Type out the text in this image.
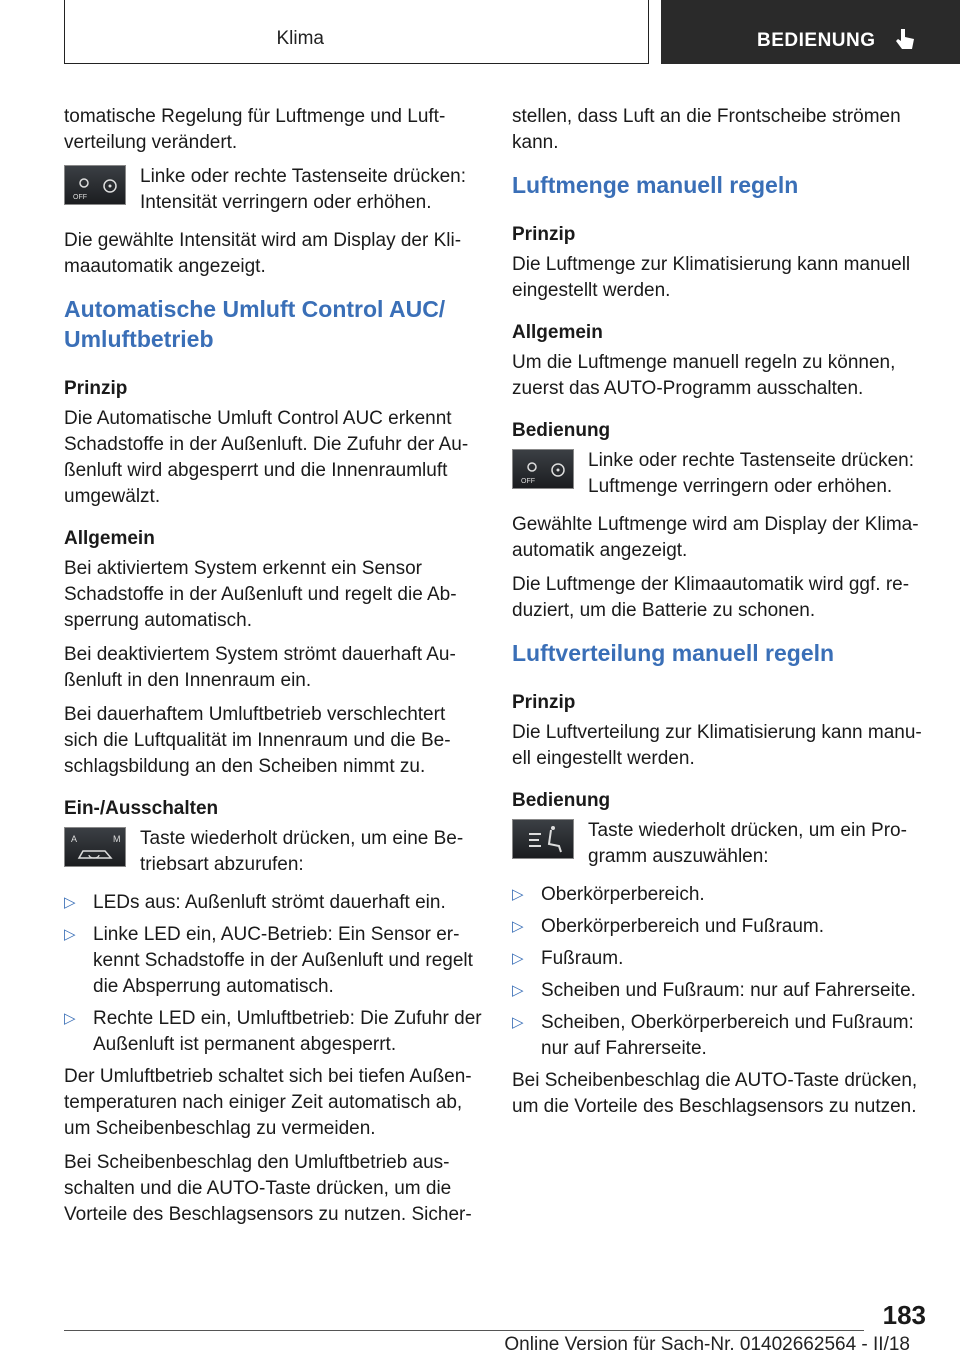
Klima	BEDIENUNG

tomatische Regelung für Luftmenge und Luft-verteilung verändert.

OFF
Linke oder rechte Tastenseite drücken: Intensität verringern oder erhöhen.

Die gewählte Intensität wird am Display der Kli-maautomatik angezeigt.

Automatische Umluft Control AUC/ Umluftbetrieb
Prinzip

Die Automatische Umluft Control AUC erkennt Schadstoffe in der Außenluft. Die Zufuhr der Au-ßenluft wird abgesperrt und die Innenraumluft umgewälzt.

Allgemein

Bei aktiviertem System erkennt ein Sensor Schadstoffe in der Außenluft und regelt die Ab-sperrung automatisch.

Bei deaktiviertem System strömt dauerhaft Au-ßenluft in den Innenraum ein.

Bei dauerhaftem Umluftbetrieb verschlechtert sich die Luftqualität im Innenraum und die Be-schlagsbildung an den Scheiben nimmt zu.

Ein-/Ausschalten
A	M Taste wiederholt drücken, um eine Be-triebsart abzurufen:
▷ LEDs aus: Außenluft strömt dauerhaft ein.
▷ Linke LED ein, AUC-Betrieb: Ein Sensor er-kennt Schadstoffe in der Außenluft und regelt die Absperrung automatisch.
▷ Rechte LED ein, Umluftbetrieb: Die Zufuhr der Außenluft ist permanent abgesperrt.

Der Umluftbetrieb schaltet sich bei tiefen Außen-temperaturen nach einiger Zeit automatisch ab, um Scheibenbeschlag zu vermeiden.

Bei Scheibenbeschlag den Umluftbetrieb aus-schalten und die AUTO-Taste drücken, um die Vorteile des Beschlagsensors zu nutzen. Sicher-

stellen, dass Luft an die Frontscheibe strömen kann.

Luftmenge manuell regeln
Prinzip

Die Luftmenge zur Klimatisierung kann manuell eingestellt werden.

Allgemein

Um die Luftmenge manuell regeln zu können, zuerst das AUTO-Programm ausschalten.

Bedienung
OFF
Linke oder rechte Tastenseite drücken: Luftmenge verringern oder erhöhen.

Gewählte Luftmenge wird am Display der Klima-automatik angezeigt.

Die Luftmenge der Klimaautomatik wird ggf. re-duziert, um die Batterie zu schonen.

Luftverteilung manuell regeln
Prinzip

Die Luftverteilung zur Klimatisierung kann manu-ell eingestellt werden.

Bedienung
Taste wiederholt drücken, um ein Pro-gramm auszuwählen:
▷ Oberkörperbereich.
▷ Oberkörperbereich und Fußraum.
▷ Fußraum.
▷ Scheiben und Fußraum: nur auf Fahrerseite.
▷ Scheiben, Oberkörperbereich und Fußraum: nur auf Fahrerseite.

Bei Scheibenbeschlag die AUTO-Taste drücken, um die Vorteile des Beschlagsensors zu nutzen.

183
Online Version für Sach-Nr. 01402662564 - II/18
